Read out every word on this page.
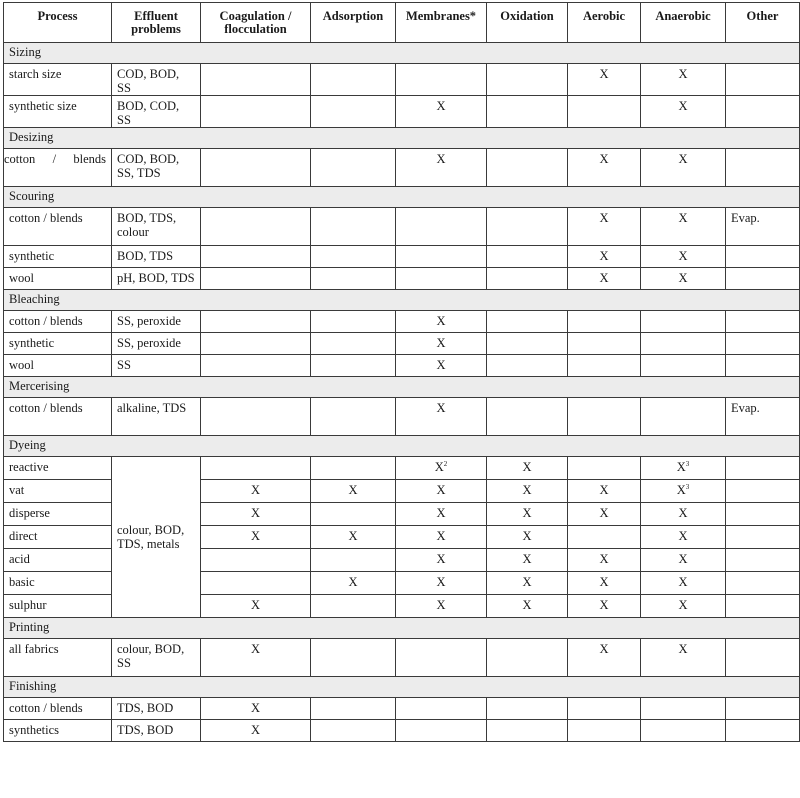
Process	Effluent problems	Coagulation / flocculation	Adsorption	Membranes*	Oxidation	Aerobic	Anaerobic	Other
Sizing								
starch size	COD, BOD, SS					X	X	
synthetic size	BOD, COD, SS			X			X	
Desizing								
cotton / blends	COD, BOD, SS, TDS			X		X	X	
Scouring								
cotton / blends	BOD, TDS, colour					X	X	Evap.
synthetic	BOD, TDS					X	X	
wool	pH, BOD, TDS					X	X	
Bleaching								
cotton / blends	SS, peroxide			X				
synthetic	SS, peroxide			X				
wool	SS			X				
Mercerising								
cotton / blends	alkaline, TDS			X				Evap.
Dyeing								
reactive	colour, BOD, TDS, metals			$X^2$	X		$X^3$	
vat		X	X	X	X	X	$X^3$	
disperse		X		X	X	X	X	
direct		X	X	X	X		X	
acid				X	X	X	X	
basic			X	X	X	X	X	
sulphur		X		X	X	X	X	
Printing								
all fabrics	colour, BOD, SS	X				X	X	
Finishing								
cotton / blends	TDS, BOD	X						
synthetics	TDS, BOD	X						
